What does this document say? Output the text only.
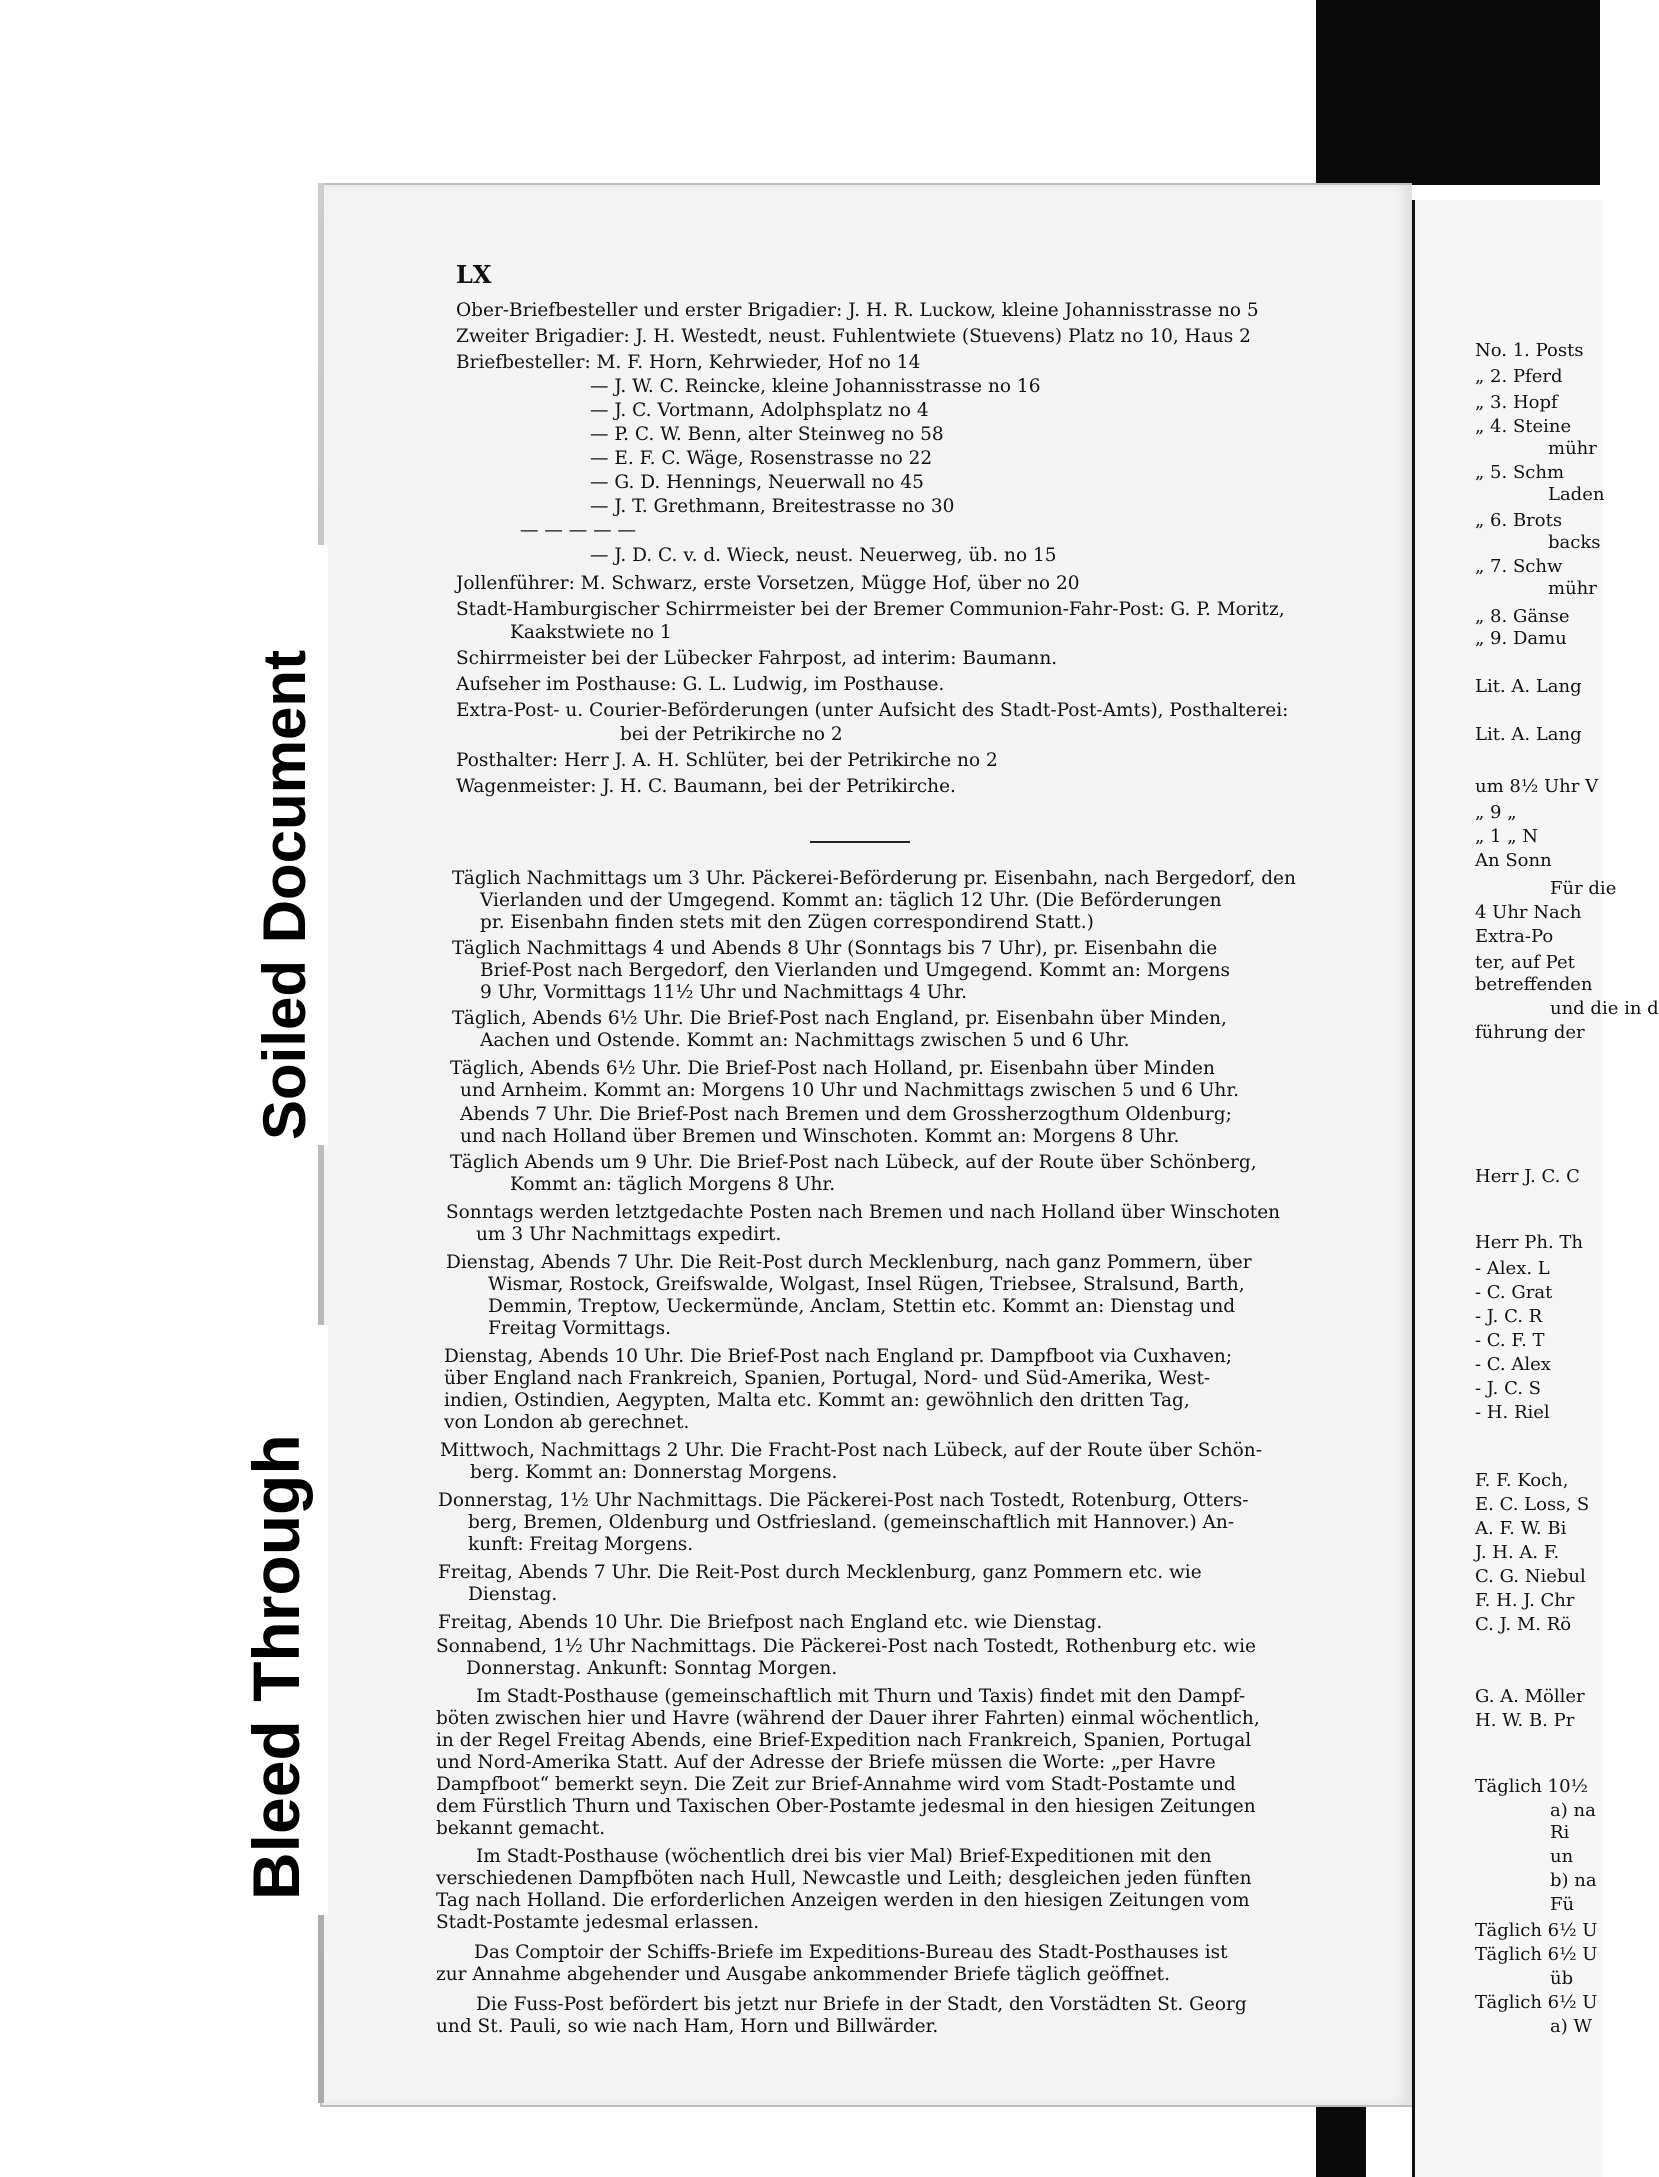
Soiled Document
Bleed Through
LX
Ober-Briefbesteller und erster Brigadier: J. H. R. Luckow, kleine Johannisstrasse no 5
Zweiter Brigadier: J. H. Westedt, neust. Fuhlentwiete (Stuevens) Platz no 10, Haus 2
Briefbesteller: M. F. Horn, Kehrwieder, Hof no 14
— J. W. C. Reincke, kleine Johannisstrasse no 16
— J. C. Vortmann, Adolphsplatz no 4
— P. C. W. Benn, alter Steinweg no 58
— E. F. C. Wäge, Rosenstrasse no 22
— G. D. Hennings, Neuerwall no 45
— J. T. Grethmann, Breitestrasse no 30
— — — — —
— J. D. C. v. d. Wieck, neust. Neuerweg, üb. no 15
Jollenführer: M. Schwarz, erste Vorsetzen, Mügge Hof, über no 20
Stadt-Hamburgischer Schirrmeister bei der Bremer Communion-Fahr-Post: G. P. Moritz,
Kaakstwiete no 1
Schirrmeister bei der Lübecker Fahrpost, ad interim: Baumann.
Aufseher im Posthause: G. L. Ludwig, im Posthause.
Extra-Post- u. Courier-Beförderungen (unter Aufsicht des Stadt-Post-Amts), Posthalterei:
bei der Petrikirche no 2
Posthalter: Herr J. A. H. Schlüter, bei der Petrikirche no 2
Wagenmeister: J. H. C. Baumann, bei der Petrikirche.
Täglich Nachmittags um 3 Uhr. Päckerei-Beförderung pr. Eisenbahn, nach Bergedorf, den
Vierlanden und der Umgegend. Kommt an: täglich 12 Uhr. (Die Beförderungen
pr. Eisenbahn finden stets mit den Zügen correspondirend Statt.)
Täglich Nachmittags 4 und Abends 8 Uhr (Sonntags bis 7 Uhr), pr. Eisenbahn die
Brief-Post nach Bergedorf, den Vierlanden und Umgegend. Kommt an: Morgens
9 Uhr, Vormittags 11½ Uhr und Nachmittags 4 Uhr.
Täglich, Abends 6½ Uhr. Die Brief-Post nach England, pr. Eisenbahn über Minden,
Aachen und Ostende. Kommt an: Nachmittags zwischen 5 und 6 Uhr.
Täglich, Abends 6½ Uhr. Die Brief-Post nach Holland, pr. Eisenbahn über Minden
und Arnheim. Kommt an: Morgens 10 Uhr und Nachmittags zwischen 5 und 6 Uhr.
Abends 7 Uhr. Die Brief-Post nach Bremen und dem Grossherzogthum Oldenburg;
und nach Holland über Bremen und Winschoten. Kommt an: Morgens 8 Uhr.
Täglich Abends um 9 Uhr. Die Brief-Post nach Lübeck, auf der Route über Schönberg,
Kommt an: täglich Morgens 8 Uhr.
Sonntags werden letztgedachte Posten nach Bremen und nach Holland über Winschoten
um 3 Uhr Nachmittags expedirt.
Dienstag, Abends 7 Uhr. Die Reit-Post durch Mecklenburg, nach ganz Pommern, über
Wismar, Rostock, Greifswalde, Wolgast, Insel Rügen, Triebsee, Stralsund, Barth,
Demmin, Treptow, Ueckermünde, Anclam, Stettin etc. Kommt an: Dienstag und
Freitag Vormittags.
Dienstag, Abends 10 Uhr. Die Brief-Post nach England pr. Dampfboot via Cuxhaven;
über England nach Frankreich, Spanien, Portugal, Nord- und Süd-Amerika, West-
indien, Ostindien, Aegypten, Malta etc. Kommt an: gewöhnlich den dritten Tag,
von London ab gerechnet.
Mittwoch, Nachmittags 2 Uhr. Die Fracht-Post nach Lübeck, auf der Route über Schön-
berg. Kommt an: Donnerstag Morgens.
Donnerstag, 1½ Uhr Nachmittags. Die Päckerei-Post nach Tostedt, Rotenburg, Otters-
berg, Bremen, Oldenburg und Ostfriesland. (gemeinschaftlich mit Hannover.) An-
kunft: Freitag Morgens.
Freitag, Abends 7 Uhr. Die Reit-Post durch Mecklenburg, ganz Pommern etc. wie
Dienstag.
Freitag, Abends 10 Uhr. Die Briefpost nach England etc. wie Dienstag.
Sonnabend, 1½ Uhr Nachmittags. Die Päckerei-Post nach Tostedt, Rothenburg etc. wie
Donnerstag. Ankunft: Sonntag Morgen.
Im Stadt-Posthause (gemeinschaftlich mit Thurn und Taxis) findet mit den Dampf-
böten zwischen hier und Havre (während der Dauer ihrer Fahrten) einmal wöchentlich,
in der Regel Freitag Abends, eine Brief-Expedition nach Frankreich, Spanien, Portugal
und Nord-Amerika Statt. Auf der Adresse der Briefe müssen die Worte: „per Havre
Dampfboot“ bemerkt seyn. Die Zeit zur Brief-Annahme wird vom Stadt-Postamte und
dem Fürstlich Thurn und Taxischen Ober-Postamte jedesmal in den hiesigen Zeitungen
bekannt gemacht.
Im Stadt-Posthause (wöchentlich drei bis vier Mal) Brief-Expeditionen mit den
verschiedenen Dampfböten nach Hull, Newcastle und Leith; desgleichen jeden fünften
Tag nach Holland. Die erforderlichen Anzeigen werden in den hiesigen Zeitungen vom
Stadt-Postamte jedesmal erlassen.
Das Comptoir der Schiffs-Briefe im Expeditions-Bureau des Stadt-Posthauses ist
zur Annahme abgehender und Ausgabe ankommender Briefe täglich geöffnet.
Die Fuss-Post befördert bis jetzt nur Briefe in der Stadt, den Vorstädten St. Georg
und St. Pauli, so wie nach Ham, Horn und Billwärder.
No. 1. Posts
„ 2. Pferd
„ 3. Hopf
„ 4. Steine
mühr
„ 5. Schm
Laden
„ 6. Brots
backs
„ 7. Schw
mühr
„ 8. Gänse
„ 9. Damu
Lit. A. Lang
Lit. A. Lang
um 8½ Uhr V
„ 9 „
„ 1 „ N
An Sonn
Für die
4 Uhr Nach
Extra-Po
ter, auf Pet
betreffenden
und die in d
führung der
Herr J. C. C
Herr Ph. Th
- Alex. L
- C. Grat
- J. C. R
- C. F. T
- C. Alex
- J. C. S
- H. Riel
F. F. Koch,
E. C. Loss, S
A. F. W. Bi
J. H. A. F.
C. G. Niebul
F. H. J. Chr
C. J. M. Rö
G. A. Möller
H. W. B. Pr
Täglich 10½
a) na
Ri
un
b) na
Fü
Täglich 6½ U
Täglich 6½ U
üb
Täglich 6½ U
a) W
